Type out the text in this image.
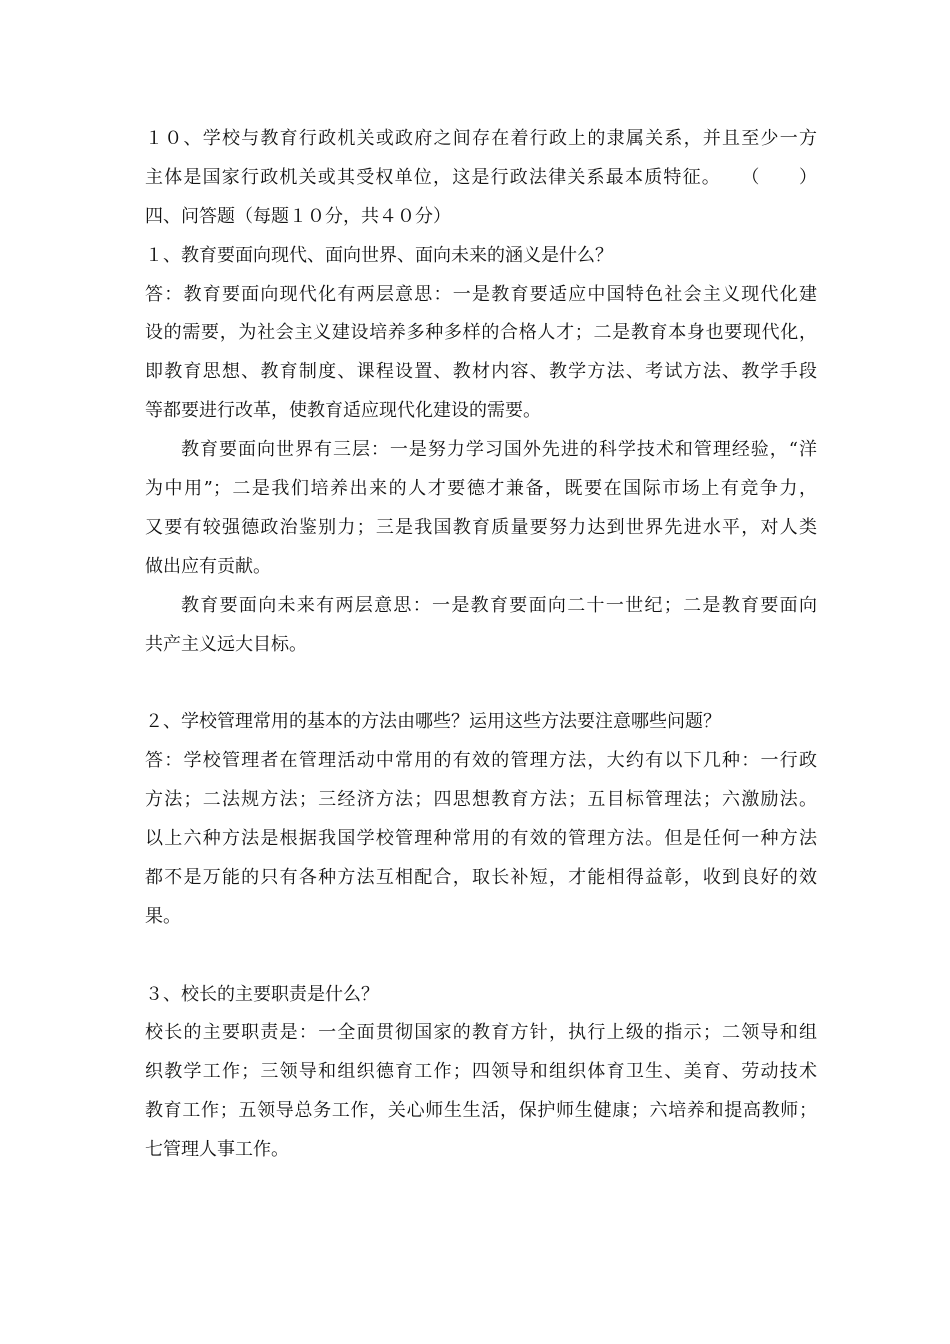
１０、学校与教育行政机关或政府之间存在着行政上的隶属关系，并且至少一方
主体是国家行政机关或其受权单位，这是行政法律关系最本质特征。　　（　　）
四、问答题（每题１０分，共４０分）
１、教育要面向现代、面向世界、面向未来的涵义是什么？
答：教育要面向现代化有两层意思：一是教育要适应中国特色社会主义现代化建
设的需要，为社会主义建设培养多种多样的合格人才；二是教育本身也要现代化，
即教育思想、教育制度、课程设置、教材内容、教学方法、考试方法、教学手段
等都要进行改革，使教育适应现代化建设的需要。
教育要面向世界有三层：一是努力学习国外先进的科学技术和管理经验，“洋
为中用”；二是我们培养出来的人才要德才兼备，既要在国际市场上有竞争力，
又要有较强德政治鉴别力；三是我国教育质量要努力达到世界先进水平，对人类
做出应有贡献。
教育要面向未来有两层意思：一是教育要面向二十一世纪；二是教育要面向
共产主义远大目标。
２、学校管理常用的基本的方法由哪些？运用这些方法要注意哪些问题？
答：学校管理者在管理活动中常用的有效的管理方法，大约有以下几种：一行政
方法；二法规方法；三经济方法；四思想教育方法；五目标管理法；六激励法。
以上六种方法是根据我国学校管理种常用的有效的管理方法。但是任何一种方法
都不是万能的只有各种方法互相配合，取长补短，才能相得益彰，收到良好的效
果。
３、校长的主要职责是什么？
校长的主要职责是：一全面贯彻国家的教育方针，执行上级的指示；二领导和组
织教学工作；三领导和组织德育工作；四领导和组织体育卫生、美育、劳动技术
教育工作；五领导总务工作，关心师生生活，保护师生健康；六培养和提高教师；
七管理人事工作。
